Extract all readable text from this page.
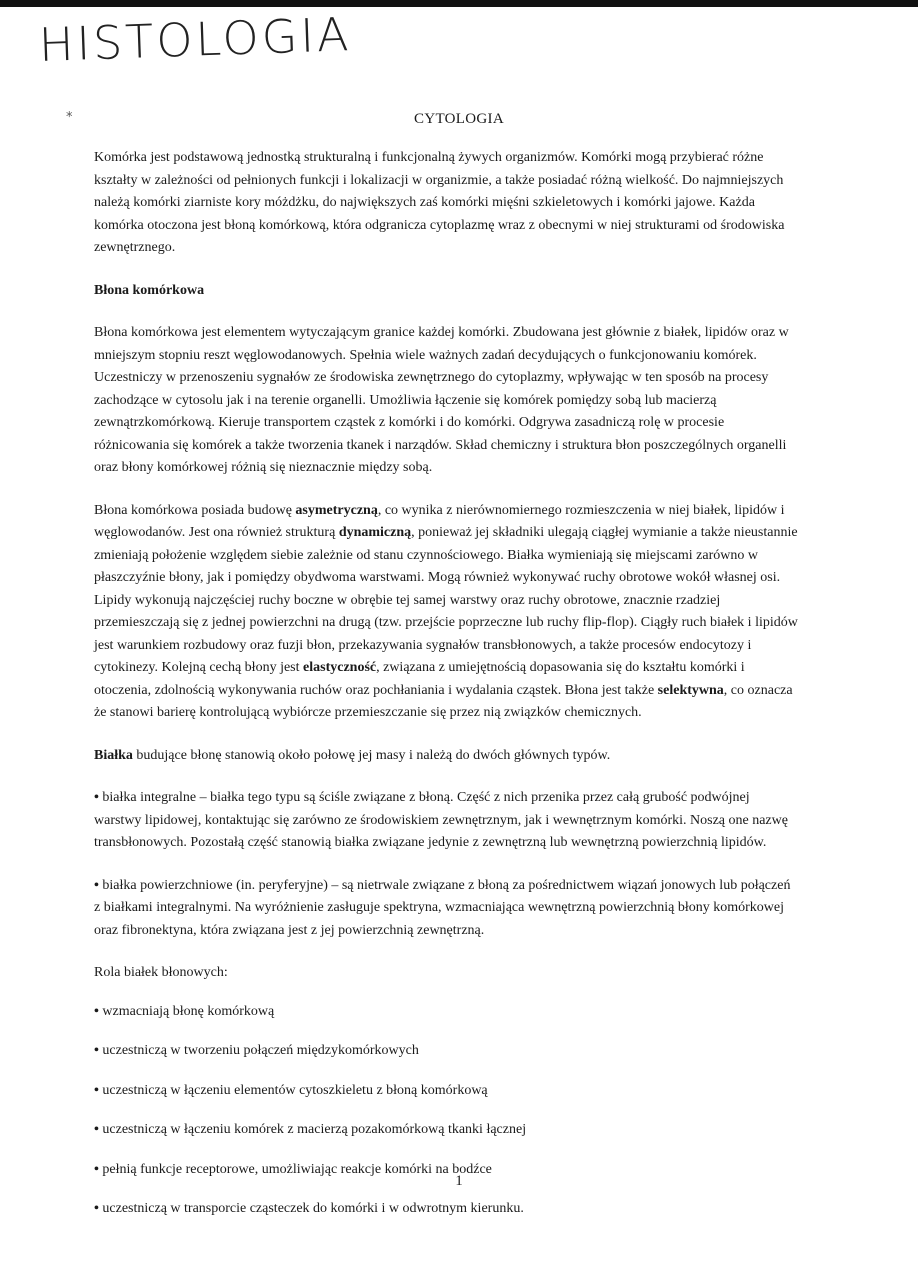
HISTOLOGIA
*	CYTOLOGIA

Komórka jest podstawową jednostką strukturalną i funkcjonalną żywych organizmów. Komórki mogą przybierać różne kształty w zależności od pełnionych funkcji i lokalizacji w organizmie, a także posiadać różną wielkość. Do najmniejszych należą komórki ziarniste kory móżdżku, do największych zaś komórki mięśni szkieletowych i komórki jajowe. Każda komórka otoczona jest błoną komórkową, która odgranicza cytoplazmę wraz z obecnymi w niej strukturami od środowiska zewnętrznego.

Błona komórkowa

Błona komórkowa jest elementem wytyczającym granice każdej komórki. Zbudowana jest głównie z białek, lipidów oraz w mniejszym stopniu reszt węglowodanowych. Spełnia wiele ważnych zadań decydujących o funkcjonowaniu komórek. Uczestniczy w przenoszeniu sygnałów ze środowiska zewnętrznego do cytoplazmy, wpływając w ten sposób na procesy zachodzące w cytosolu jak i na terenie organelli. Umożliwia łączenie się komórek pomiędzy sobą lub macierzą zewnątrzkomórkową. Kieruje transportem cząstek z komórki i do komórki. Odgrywa zasadniczą rolę w procesie różnicowania się komórek a także tworzenia tkanek i narządów. Skład chemiczny i struktura błon poszczególnych organelli oraz błony komórkowej różnią się nieznacznie między sobą.

Błona komórkowa posiada budowę asymetryczną, co wynika z nierównomiernego rozmieszczenia w niej białek, lipidów i węglowodanów. Jest ona również strukturą dynamiczną, ponieważ jej składniki ulegają ciągłej wymianie a także nieustannie zmieniają położenie względem siebie zależnie od stanu czynnościowego. Białka wymieniają się miejscami zarówno w płaszczyźnie błony, jak i pomiędzy obydwoma warstwami. Mogą również wykonywać ruchy obrotowe wokół własnej osi. Lipidy wykonują najczęściej ruchy boczne w obrębie tej samej warstwy oraz ruchy obrotowe, znacznie rzadziej przemieszczają się z jednej powierzchni na drugą (tzw. przejście poprzeczne lub ruchy flip-flop). Ciągły ruch białek i lipidów jest warunkiem rozbudowy oraz fuzji błon, przekazywania sygnałów transbłonowych, a także procesów endocytozy i cytokinezy. Kolejną cechą błony jest elastyczność, związana z umiejętnością dopasowania się do kształtu komórki i otoczenia, zdolnością wykonywania ruchów oraz pochłaniania i wydalania cząstek. Błona jest także selektywna, co oznacza że stanowi barierę kontrolującą wybiórcze przemieszczanie się przez nią związków chemicznych.

Białka budujące błonę stanowią około połowę jej masy i należą do dwóch głównych typów.

• białka integralne – białka tego typu są ściśle związane z błoną. Część z nich przenika przez całą grubość podwójnej warstwy lipidowej, kontaktując się zarówno ze środowiskiem zewnętrznym, jak i wewnętrznym komórki. Noszą one nazwę transbłonowych. Pozostałą część stanowią białka związane jedynie z zewnętrzną lub wewnętrzną powierzchnią lipidów.

• białka powierzchniowe (in. peryferyjne) – są nietrwale związane z błoną za pośrednictwem wiązań jonowych lub połączeń z białkami integralnymi. Na wyróżnienie zasługuje spektryna, wzmacniająca wewnętrzną powierzchnią błony komórkowej oraz fibronektyna, która związana jest z jej powierzchnią zewnętrzną.

Rola białek błonowych:

• wzmacniają błonę komórkową
• uczestniczą w tworzeniu połączeń międzykomórkowych
• uczestniczą w łączeniu elementów cytoszkieletu z błoną komórkową
• uczestniczą w łączeniu komórek z macierzą pozakomórkową tkanki łącznej
• pełnią funkcje receptorowe, umożliwiając reakcje komórki na bodźce
• uczestniczą w transporcie cząsteczek do komórki i w odwrotnym kierunku.
1
